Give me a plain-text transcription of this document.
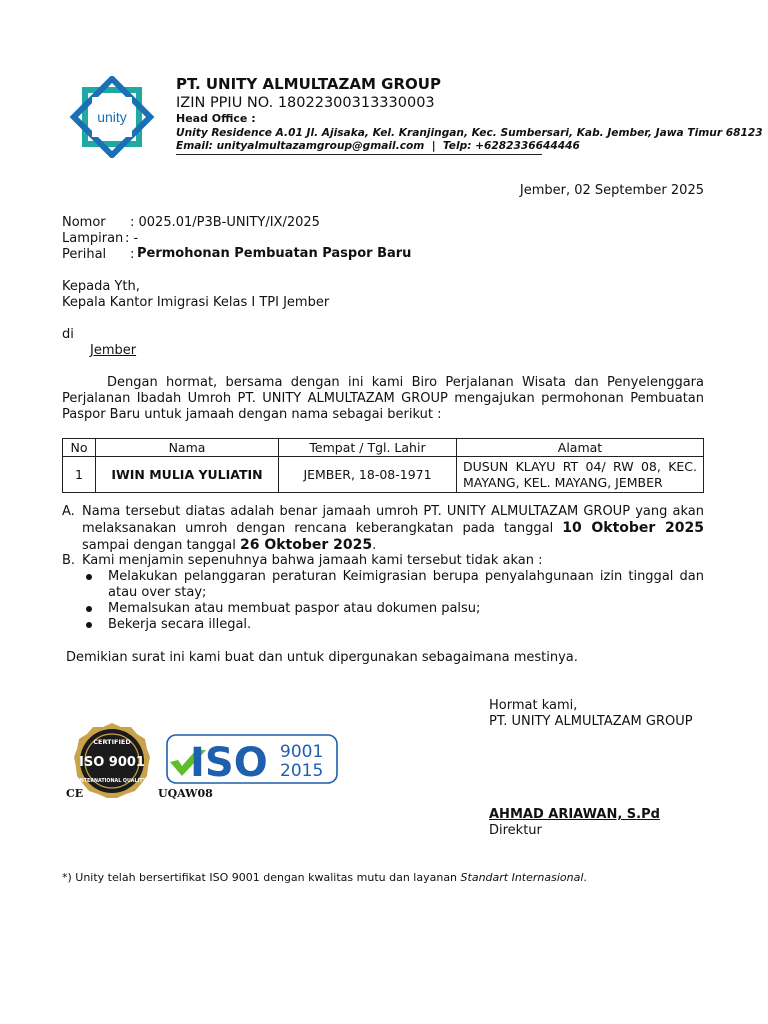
unity
PT. UNITY ALMULTAZAM GROUP
IZIN PPIU NO. 18022300313330003
Head Office :
Unity Residence A.01 Jl. Ajisaka, Kel. Kranjingan, Kec. Sumbersari, Kab. Jember, Jawa Timur 68123
Email: unityalmultazamgroup@gmail.com  |  Telp: +6282336644446
Jember, 02 September 2025
Nomor : 0025.01/P3B-UNITY/IX/2025
Lampiran : -
Perihal : Permohonan Pembuatan Paspor Baru
Kepada Yth,
Kepala Kantor Imigrasi Kelas I TPI Jember
di
Jember
Dengan hormat, bersama dengan ini kami Biro Perjalanan Wisata dan Penyelenggara Perjalanan Ibadah Umroh PT. UNITY ALMULTAZAM GROUP mengajukan permohonan Pembuatan Paspor Baru untuk jamaah dengan nama sebagai berikut :
No	Nama	Tempat / Tgl. Lahir	Alamat
1	IWIN MULIA YULIATIN	JEMBER, 18-08-1971	DUSUN KLAYU RT 04/ RW 08, KEC. MAYANG, KEL. MAYANG, JEMBER
A. Nama tersebut diatas adalah benar jamaah umroh PT. UNITY ALMULTAZAM GROUP yang akan melaksanakan umroh dengan rencana keberangkatan pada tanggal 10 Oktober 2025 sampai dengan tanggal 26 Oktober 2025.
B. Kami menjamin sepenuhnya bahwa jamaah kami tersebut tidak akan :
Melakukan pelanggaran peraturan Keimigrasian berupa penyalahgunaan izin tinggal dan atau over stay;
Memalsukan atau membuat paspor atau dokumen palsu;
Bekerja secara illegal.
Demikian surat ini kami buat dan untuk dipergunakan sebagaimana mestinya.
Hormat kami,
PT. UNITY ALMULTAZAM GROUP
AHMAD ARIAWAN, S.Pd
Direktur
CERTIFIED
ISO 9001
INTERNATIONAL QUALITY ISO 9001
2015
CE	UQAW08
*) Unity telah bersertifikat ISO 9001 dengan kwalitas mutu dan layanan Standart Internasional.
